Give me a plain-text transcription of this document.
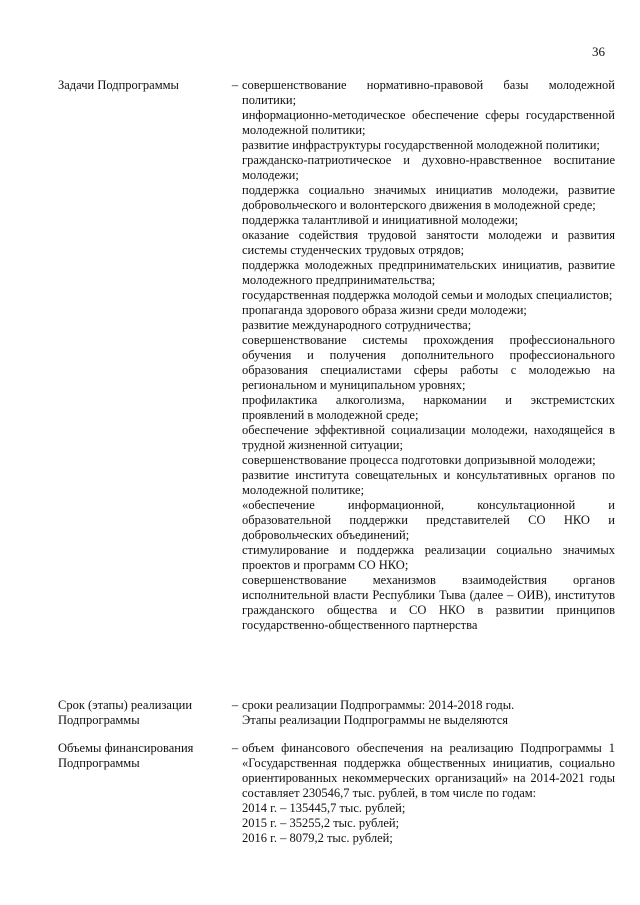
36
Задачи Подпрограммы	– совершенствование нормативно-правовой базы молодежной политики;

информационно-методическое обеспечение сферы государственной молодежной политики;

развитие инфраструктуры государственной молодежной политики;

гражданско-патриотическое и духовно-нравственное воспитание молодежи;

поддержка социально значимых инициатив молодежи, развитие добровольческого и волонтерского движения в молодежной среде;

поддержка талантливой и инициативной молодежи;

оказание содействия трудовой занятости молодежи и развития системы студенческих трудовых отрядов;

поддержка молодежных предпринимательских инициатив, развитие молодежного предпринимательства;

государственная поддержка молодой семьи и молодых специалистов;

пропаганда здорового образа жизни среди молодежи;

развитие международного сотрудничества;

совершенствование системы прохождения профессионального обучения и получения дополнительного профессионального образования специалистами сферы работы с молодежью на региональном и муниципальном уровнях;

профилактика алкоголизма, наркомании и экстремистских проявлений в молодежной среде;

обеспечение эффективной социализации молодежи, находящейся в трудной жизненной ситуации;

совершенствование процесса подготовки допризывной молодежи;

развитие института совещательных и консультативных органов по молодежной политике;

«обеспечение информационной, консультационной и образовательной поддержки представителей СО НКО и добровольческих объединений;

стимулирование и поддержка реализации социально значимых проектов и программ СО НКО;

совершенствование механизмов взаимодействия органов исполнительной власти Республики Тыва (далее – ОИВ), институтов гражданского общества и СО НКО в развитии принципов государственно-общественного партнерства

Срок (этапы) реализации Подпрограммы
– сроки реализации Подпрограммы: 2014-2018 годы.

Этапы реализации Подпрограммы не выделяются

Объемы финансирования Подпрограммы
– объем финансового обеспечения на реализацию Подпрограммы 1 «Государственная поддержка общественных инициатив, социально ориентированных некоммерческих организаций» на 2014-2021 годы составляет 230546,7 тыс. рублей, в том числе по годам:

2014 г. – 135445,7 тыс. рублей;

2015 г. – 35255,2 тыс. рублей;

2016 г. – 8079,2 тыс. рублей;
